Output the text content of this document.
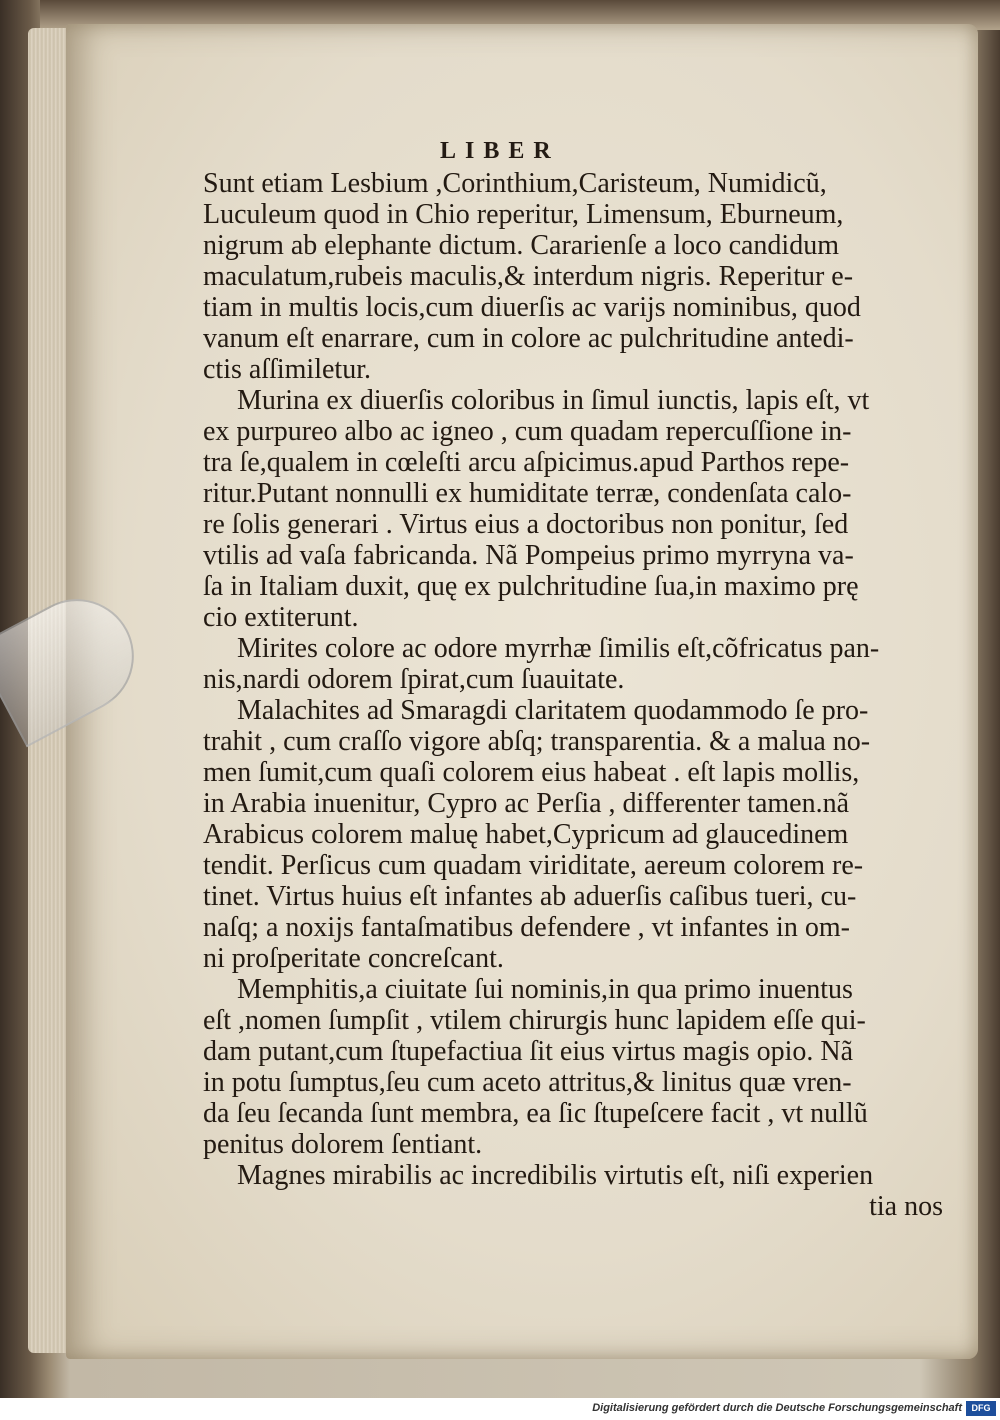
LIBER
Sunt etiam Lesbium ,Corinthium,Caristeum, Numidicũ,
Luculeum quod in Chio reperitur, Limensum, Eburneum,
nigrum ab elephante dictum. Cararienſe a loco candidum
maculatum,rubeis maculis,& interdum nigris. Reperitur e-
tiam in multis locis,cum diuerſis ac varijs nominibus, quod
vanum eſt enarrare, cum in colore ac pulchritudine antedi-
ctis aſſimiletur.
Murina ex diuerſis coloribus in ſimul iunctis, lapis eſt, vt
ex purpureo albo ac igneo , cum quadam repercuſſione in-
tra ſe,qualem in cœleſti arcu aſpicimus.apud Parthos repe-
ritur.Putant nonnulli ex humiditate terræ, condenſata calo-
re ſolis generari . Virtus eius a doctoribus non ponitur, ſed
vtilis ad vaſa fabricanda. Nã Pompeius primo myrryna va-
ſa in Italiam duxit, quę ex pulchritudine ſua,in maximo prę
cio extiterunt.
Mirites colore ac odore myrrhæ ſimilis eſt,cõfricatus pan-
nis,nardi odorem ſpirat,cum ſuauitate.
Malachites ad Smaragdi claritatem quodammodo ſe pro-
trahit , cum craſſo vigore abſq; transparentia. & a malua no-
men ſumit,cum quaſi colorem eius habeat . eſt lapis mollis,
in Arabia inuenitur, Cypro ac Perſia , differenter tamen.nã
Arabicus colorem maluę habet,Cypricum ad glaucedinem
tendit. Perſicus cum quadam viriditate, aereum colorem re-
tinet. Virtus huius eſt infantes ab aduerſis caſibus tueri, cu-
naſq; a noxijs fantaſmatibus defendere , vt infantes in om-
ni proſperitate concreſcant.
Memphitis,a ciuitate ſui nominis,in qua primo inuentus
eſt ,nomen ſumpſit , vtilem chirurgis hunc lapidem eſſe qui-
dam putant,cum ſtupefactiua ſit eius virtus magis opio. Nã
in potu ſumptus,ſeu cum aceto attritus,& linitus quæ vren-
da ſeu ſecanda ſunt membra, ea ſic ſtupeſcere facit , vt nullũ
penitus dolorem ſentiant.
Magnes mirabilis ac incredibilis virtutis eſt, niſi experien
tia nos
Digitalisierung gefördert durch die Deutsche Forschungsgemeinschaft	DFG
